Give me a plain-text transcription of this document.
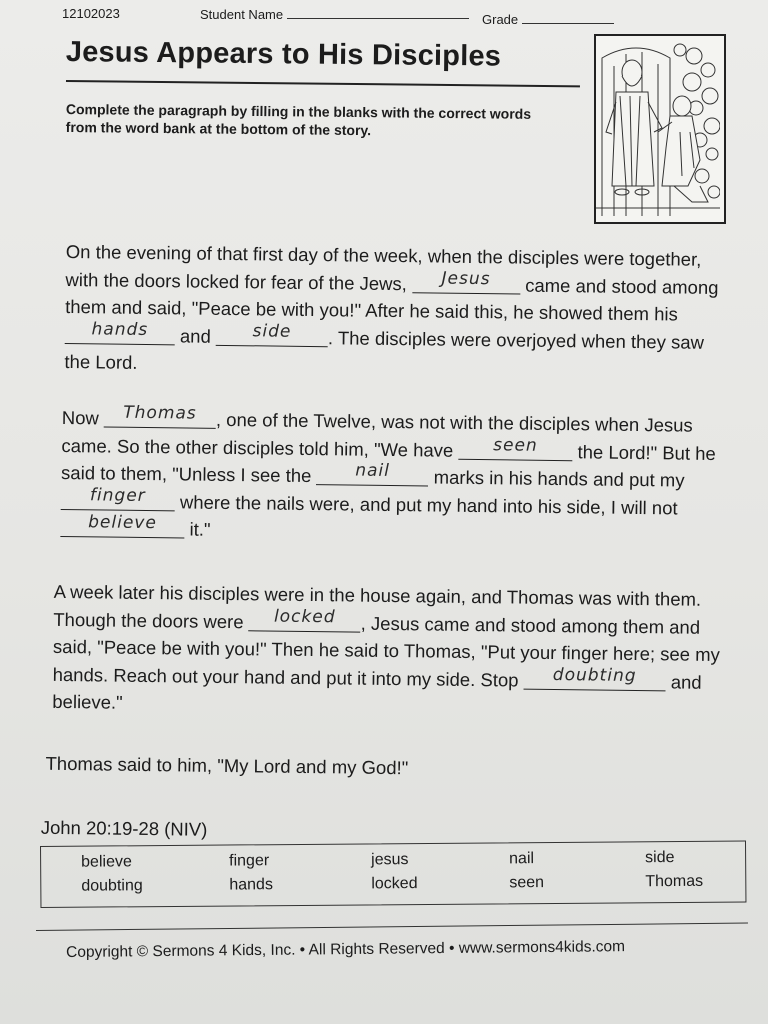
12102023	Student Name	Grade
Jesus Appears to His Disciples
Complete the paragraph by filling in the blanks with the correct words from the word bank at the bottom of the story.

On the evening of that first day of the week, when the disciples were together, with the doors locked for fear of the Jews, Jesus came and stood among them and said, "Peace be with you!" After he said this, he showed them his hands and side . The disciples were overjoyed when they saw the Lord.

Now Thomas , one of the Twelve, was not with the disciples when Jesus came. So the other disciples told him, "We have seen the Lord!" But he said to them, "Unless I see the nail marks in his hands and put my finger where the nails were, and put my hand into his side, I will not believe it."

A week later his disciples were in the house again, and Thomas was with them. Though the doors were locked , Jesus came and stood among them and said, "Peace be with you!" Then he said to Thomas, "Put your finger here; see my hands. Reach out your hand and put it into my side. Stop doubting and believe."

Thomas said to him, "My Lord and my God!"

John 20:19-28 (NIV)

believe
doubting
finger
hands
jesus
locked
nail
seen
side
Thomas
Copyright © Sermons 4 Kids, Inc. • All Rights Reserved • www.sermons4kids.com
